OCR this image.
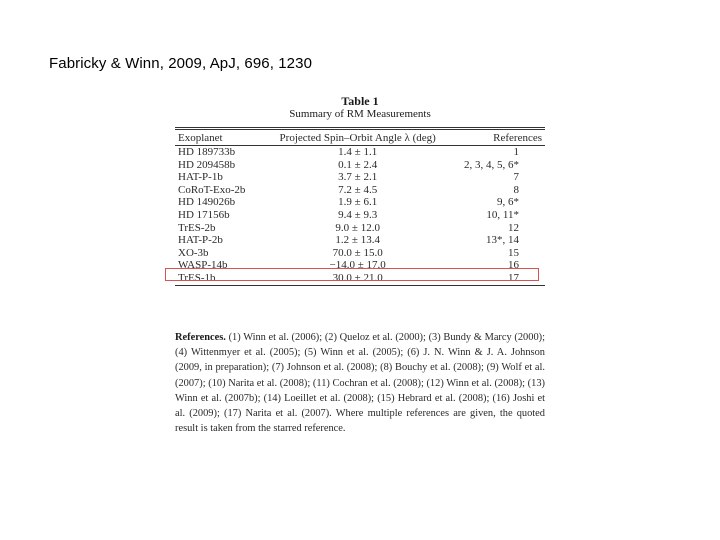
Fabricky & Winn, 2009, ApJ, 696, 1230
Table 1
Summary of RM Measurements
Exoplanet	Projected Spin–Orbit Angle λ (deg)	References
HD 189733b	1.4 ± 1.1	1
HD 209458b	0.1 ± 2.4	2, 3, 4, 5, 6*
HAT-P-1b	3.7 ± 2.1	7
CoRoT-Exo-2b	7.2 ± 4.5	8
HD 149026b	1.9 ± 6.1	9, 6*
HD 17156b	9.4 ± 9.3	10, 11*
TrES-2b	9.0 ± 12.0	12
HAT-P-2b	1.2 ± 13.4	13*, 14
XO-3b	70.0 ± 15.0	15
WASP-14b	−14.0 ± 17.0	16
TrES-1b	30.0 ± 21.0	17
References. (1) Winn et al. (2006); (2) Queloz et al. (2000); (3) Bundy & Marcy (2000); (4) Wittenmyer et al. (2005); (5) Winn et al. (2005); (6) J. N. Winn & J. A. Johnson (2009, in preparation); (7) Johnson et al. (2008); (8) Bouchy et al. (2008); (9) Wolf et al. (2007); (10) Narita et al. (2008); (11) Cochran et al. (2008); (12) Winn et al. (2008); (13) Winn et al. (2007b); (14) Loeillet et al. (2008); (15) Hebrard et al. (2008); (16) Joshi et al. (2009); (17) Narita et al. (2007). Where multiple references are given, the quoted result is taken from the starred reference.
